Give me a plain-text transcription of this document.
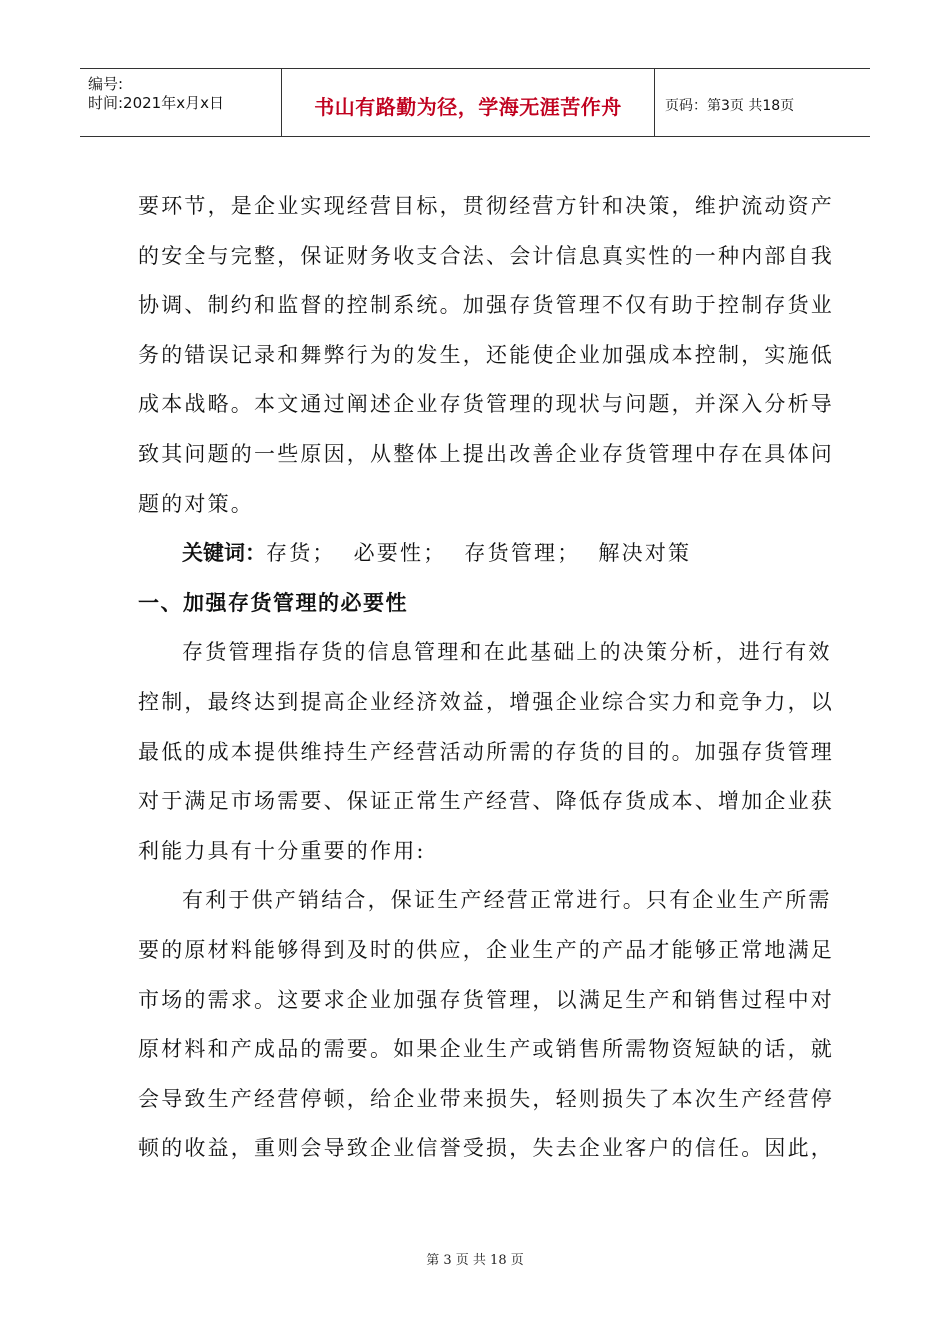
编号:
时间:2021年x月x日	书山有路勤为径，学海无涯苦作舟	页码：第3页 共18页
要环节，是企业实现经营目标，贯彻经营方针和决策，维护流动资产
的安全与完整，保证财务收支合法、会计信息真实性的一种内部自我
协调、制约和监督的控制系统。加强存货管理不仅有助于控制存货业
务的错误记录和舞弊行为的发生，还能使企业加强成本控制，实施低
成本战略。本文通过阐述企业存货管理的现状与问题，并深入分析导
致其问题的一些原因，从整体上提出改善企业存货管理中存在具体问
题的对策。
关键词：存货； 必要性； 存货管理； 解决对策
一、加强存货管理的必要性
存货管理指存货的信息管理和在此基础上的决策分析，进行有效
控制，最终达到提高企业经济效益，增强企业综合实力和竞争力，以
最低的成本提供维持生产经营活动所需的存货的目的。加强存货管理
对于满足市场需要、保证正常生产经营、降低存货成本、增加企业获
利能力具有十分重要的作用:
有利于供产销结合，保证生产经营正常进行。只有企业生产所需
要的原材料能够得到及时的供应，企业生产的产品才能够正常地满足
市场的需求。这要求企业加强存货管理，以满足生产和销售过程中对
原材料和产成品的需要。如果企业生产或销售所需物资短缺的话，就
会导致生产经营停顿，给企业带来损失，轻则损失了本次生产经营停
顿的收益，重则会导致企业信誉受损，失去企业客户的信任。因此，
第 3 页 共 18 页
